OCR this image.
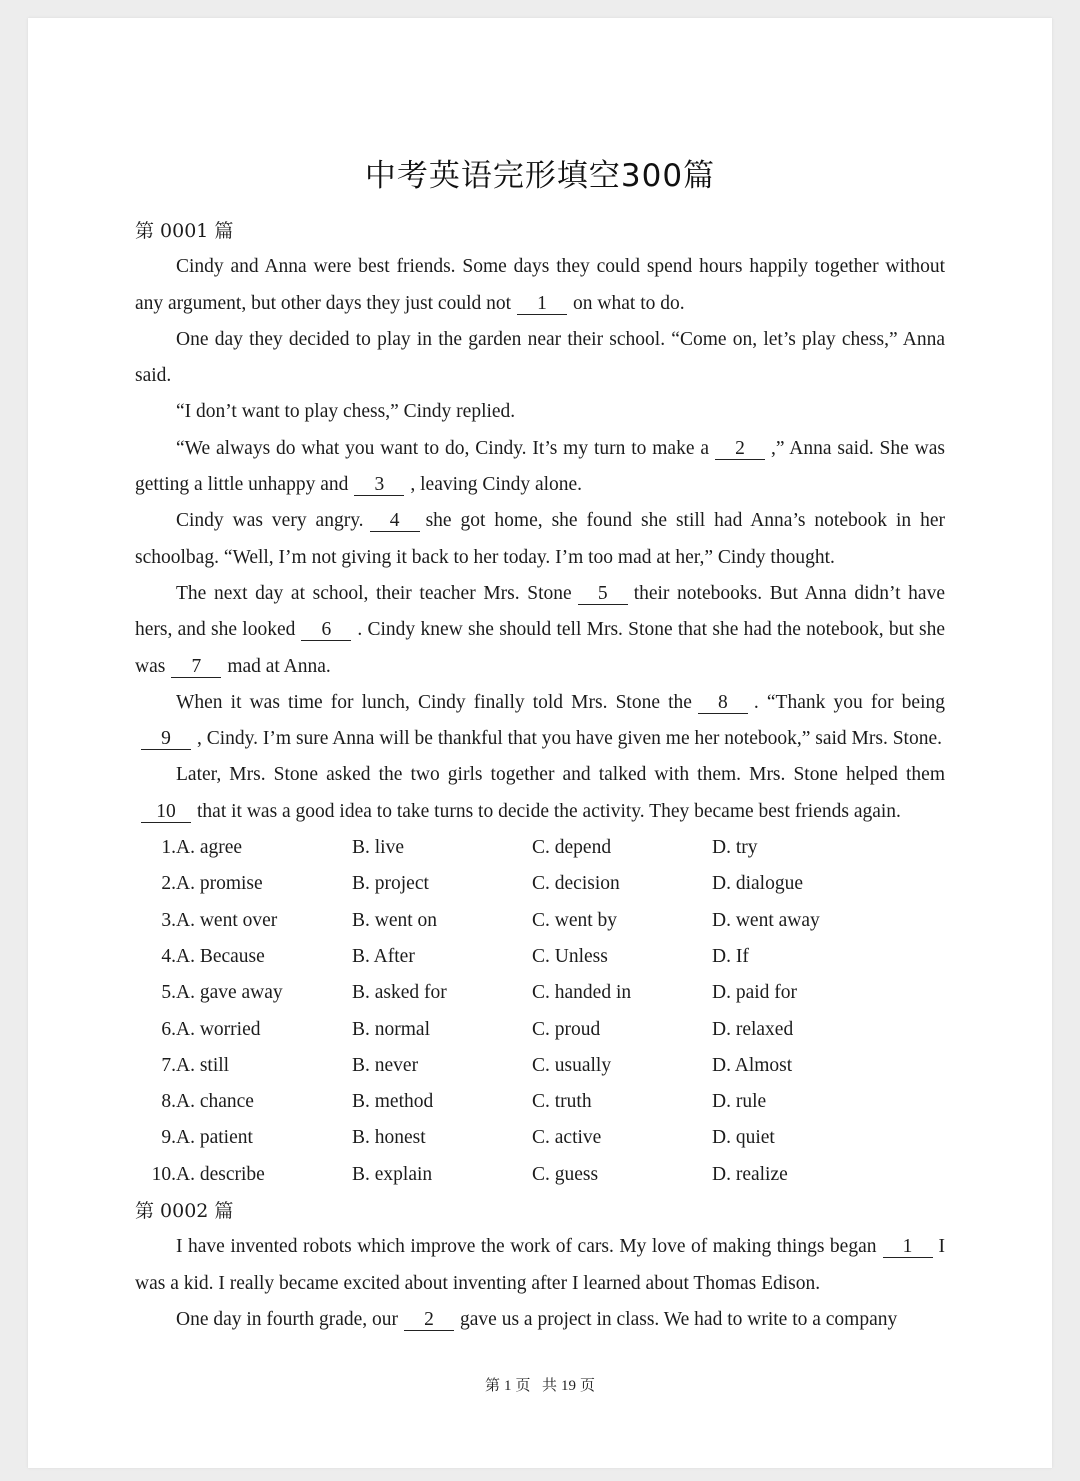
中考英语完形填空300篇
第 0001 篇

Cindy and Anna were best friends. Some days they could spend hours happily together without any argument, but other days they just could not 1 on what to do.

One day they decided to play in the garden near their school. “Come on, let’s play chess,” Anna said.

“I don’t want to play chess,” Cindy replied.

“We always do what you want to do, Cindy. It’s my turn to make a 2 ,” Anna said. She was getting a little unhappy and 3 , leaving Cindy alone.

Cindy was very angry. 4 she got home, she found she still had Anna’s notebook in her schoolbag. “Well, I’m not giving it back to her today. I’m too mad at her,” Cindy thought.

The next day at school, their teacher Mrs. Stone 5 their notebooks. But Anna didn’t have hers, and she looked 6 . Cindy knew she should tell Mrs. Stone that she had the notebook, but she was 7 mad at Anna.

When it was time for lunch, Cindy finally told Mrs. Stone the 8 . “Thank you for being9 , Cindy. I’m sure Anna will be thankful that you have given me her notebook,” said Mrs. Stone.

Later, Mrs. Stone asked the two girls together and talked with them. Mrs. Stone helped them10 that it was a good idea to take turns to decide the activity. They became best friends again.

1.	A. agree	B. live	C. depend	D. try
2.	A. promise	B. project	C. decision	D. dialogue
3.	A. went over	B. went on	C. went by	D. went away
4.	A. Because	B. After	C. Unless	D. If
5.	A. gave away	B. asked for	C. handed in	D. paid for
6.	A. worried	B. normal	C. proud	D. relaxed
7.	A. still	B. never	C. usually	D. Almost
8.	A. chance	B. method	C. truth	D. rule
9.	A. patient	B. honest	C. active	D. quiet
10.	A. describe	B. explain	C. guess	D. realize
第 0002 篇

I have invented robots which improve the work of cars. My love of making things began 1 I was a kid. I really became excited about inventing after I learned about Thomas Edison.

One day in fourth grade, our 2 gave us a project in class. We had to write to a company

第 1 页 共 19 页
